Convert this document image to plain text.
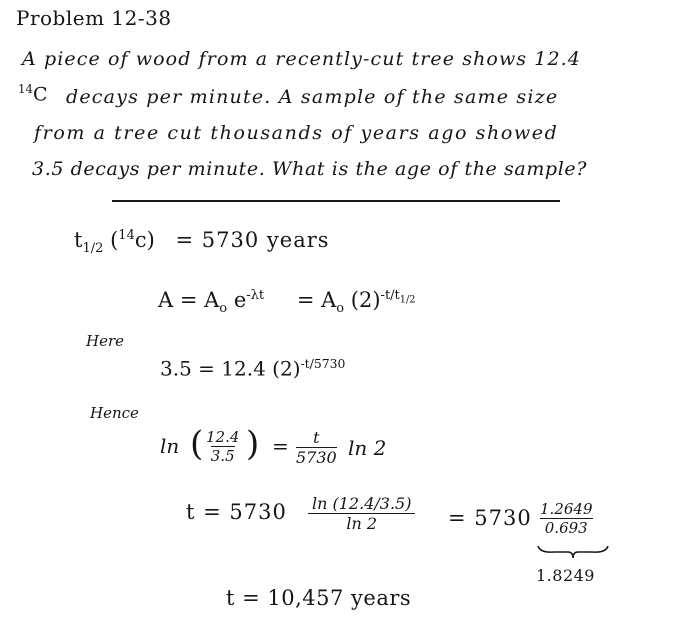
Problem 12-38
A piece of wood from a recently-cut tree shows 12.4
$^{14}$C decays per minute. A sample of the same size
from a tree cut thousands of years ago showed
3.5 decays per minute. What is the age of the sample?
$t_{1/2}$ ($^{14}$c) = 5730 years
$A = A_o$ $e^{-\lambda t} = A_o$ $(2)^{-t/t_{1/2}}$
Here
3.5 = 12.4 $(2)^{-t/5730}$
Hence
ln ( $\frac{12.4}{3.5}$ ) = $\frac{t}{5730}$ ln 2
$t = 5730 \frac{\ln (12.4/3.5)}{\ln 2} = 5730 \frac{1.2649}{0.693}$
1.8249
t = 10,457 years
